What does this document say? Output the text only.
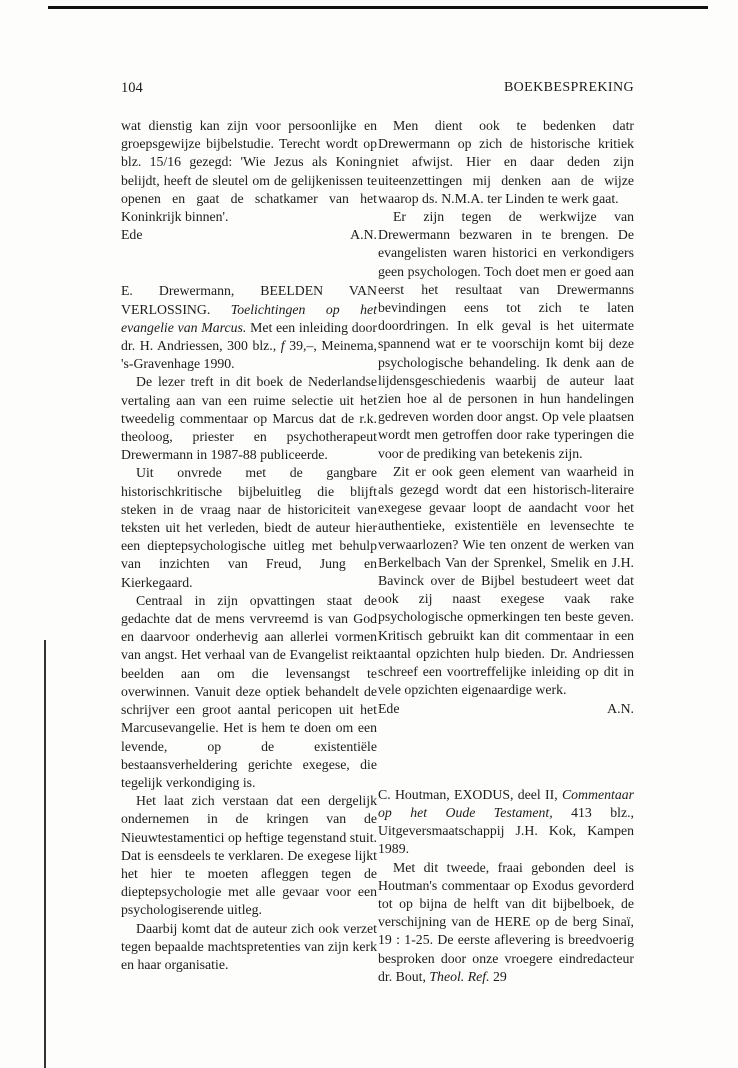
104	BOEKBESPREKING

wat dienstig kan zijn voor persoonlijke en groepsgewijze bijbelstudie. Terecht wordt op blz. 15/16 gezegd: 'Wie Jezus als Koning belijdt, heeft de sleutel om de gelijkenissen te openen en gaat de schatkamer van het Koninkrijk binnen'.

Ede	A.N.

E. Drewermann, BEELDEN VAN VERLOSSING. Toelichtingen op het evangelie van Marcus. Met een inleiding door dr. H. Andriessen, 300 blz., f 39,–, Meinema, 's-Gravenhage 1990.

De lezer treft in dit boek de Nederlandse vertaling aan van een ruime selectie uit het tweedelig commentaar op Marcus dat de r.k. theoloog, priester en psychotherapeut Drewermann in 1987-88 publiceerde.

Uit onvrede met de gangbare historischkritische bijbeluitleg die blijft steken in de vraag naar de historiciteit van teksten uit het verleden, biedt de auteur hier een dieptepsychologische uitleg met behulp van inzichten van Freud, Jung en Kierkegaard.

Centraal in zijn opvattingen staat de gedachte dat de mens vervreemd is van God en daarvoor onderhevig aan allerlei vormen van angst. Het verhaal van de Evangelist reikt beelden aan om die levensangst te overwinnen. Vanuit deze optiek behandelt de schrijver een groot aantal pericopen uit het Marcusevangelie. Het is hem te doen om een levende, op de existentiële bestaansverheldering gerichte exegese, die tegelijk verkondiging is.

Het laat zich verstaan dat een dergelijk ondernemen in de kringen van de Nieuwtestamentici op heftige tegenstand stuit. Dat is eensdeels te verklaren. De exegese lijkt het hier te moeten afleggen tegen de dieptepsychologie met alle gevaar voor een psychologiserende uitleg.

Daarbij komt dat de auteur zich ook verzet tegen bepaalde machtspretenties van zijn kerk en haar organisatie.

Men dient ook te bedenken datr Drewermann op zich de historische kritiek niet afwijst. Hier en daar deden zijn uiteenzettingen mij denken aan de wijze waarop ds. N.M.A. ter Linden te werk gaat.

Er zijn tegen de werkwijze van Drewermann bezwaren in te brengen. De evangelisten waren historici en verkondigers geen psychologen. Toch doet men er goed aan eerst het resultaat van Drewermanns bevindingen eens tot zich te laten doordringen. In elk geval is het uitermate spannend wat er te voorschijn komt bij deze psychologische behandeling. Ik denk aan de lijdensgeschiedenis waarbij de auteur laat zien hoe al de personen in hun handelingen gedreven worden door angst. Op vele plaatsen wordt men getroffen door rake typeringen die voor de prediking van betekenis zijn.

Zit er ook geen element van waarheid in als gezegd wordt dat een historisch-literaire exegese gevaar loopt de aandacht voor het authentieke, existentiële en levensechte te verwaarlozen? Wie ten onzent de werken van Berkelbach Van der Sprenkel, Smelik en J.H. Bavinck over de Bijbel bestudeert weet dat ook zij naast exegese vaak rake psychologische opmerkingen ten beste geven. Kritisch gebruikt kan dit commentaar in een aantal opzichten hulp bieden. Dr. Andriessen schreef een voortreffelijke inleiding op dit in vele opzichten eigenaardige werk.

Ede	A.N.

C. Houtman, EXODUS, deel II, Commentaar op het Oude Testament, 413 blz., Uitgeversmaatschappij J.H. Kok, Kampen 1989.

Met dit tweede, fraai gebonden deel is Houtman's commentaar op Exodus gevorderd tot op bijna de helft van dit bijbelboek, de verschijning van de HERE op de berg Sinaï, 19 : 1-25. De eerste aflevering is breedvoerig besproken door onze vroegere eindredacteur dr. Bout, Theol. Ref. 29
